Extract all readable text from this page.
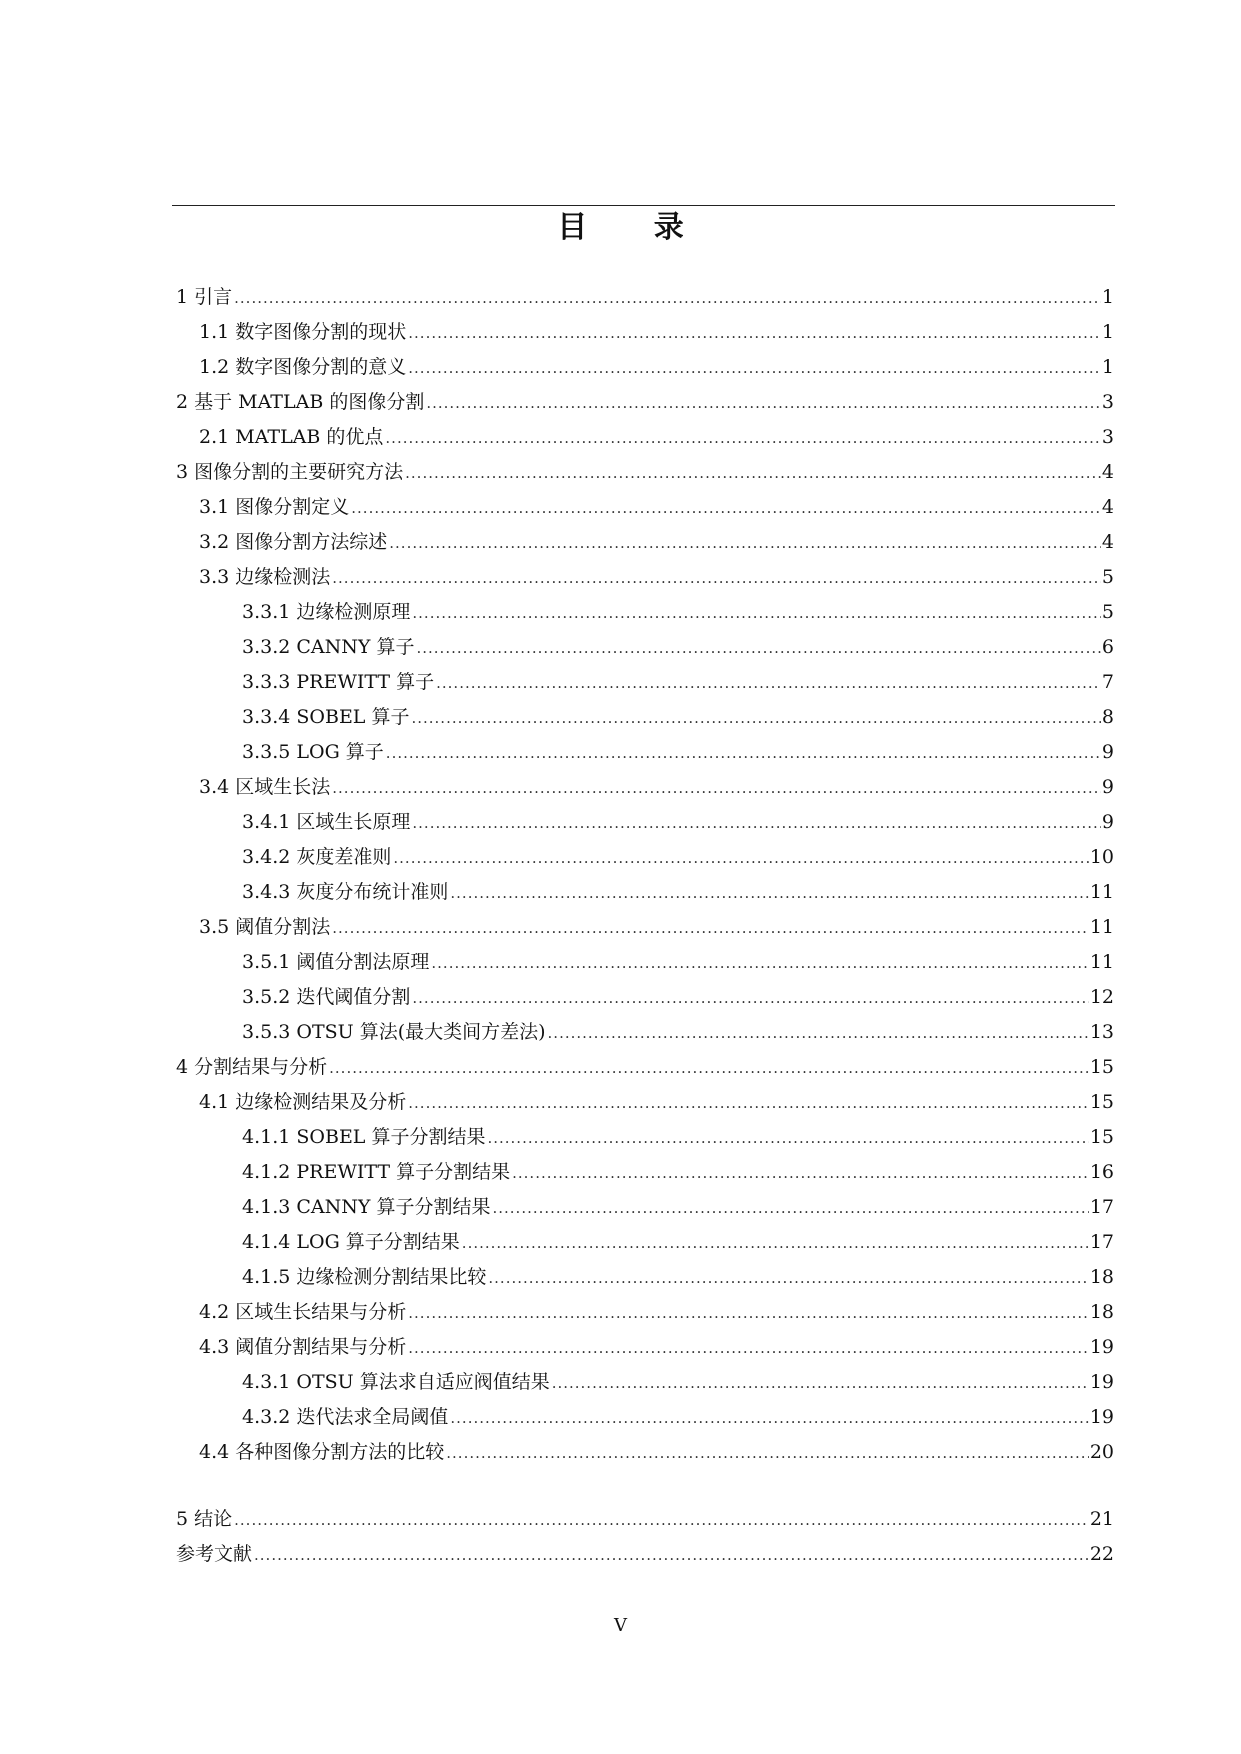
目 录
1 引言 .....	1
1.1 数字图像分割的现状 .....	1
1.2 数字图像分割的意义 .....	1
2 基于 MATLAB 的图像分割 .....	3
2.1 MATLAB 的优点 .....	3
3 图像分割的主要研究方法 .....	4
3.1 图像分割定义 .....	4
3.2 图像分割方法综述 .....	4
3.3 边缘检测法 .....	5
3.3.1 边缘检测原理 .....	5
3.3.2 CANNY 算子 .....	6
3.3.3 PREWITT 算子 .....	7
3.3.4 SOBEL 算子 .....	8
3.3.5 LOG 算子 .....	9
3.4 区域生长法 .....	9
3.4.1 区域生长原理 .....	9
3.4.2 灰度差准则 .....	10
3.4.3 灰度分布统计准则 .....	11
3.5 阈值分割法 .....	11
3.5.1 阈值分割法原理 .....	11
3.5.2 迭代阈值分割 .....	12
3.5.3 OTSU 算法(最大类间方差法) .....	13
4 分割结果与分析 .....	15
4.1 边缘检测结果及分析 .....	15
4.1.1 SOBEL 算子分割结果 .....	15
4.1.2 PREWITT 算子分割结果 .....	16
4.1.3 CANNY 算子分割结果 .....	17
4.1.4 LOG 算子分割结果 .....	17
4.1.5 边缘检测分割结果比较 .....	18
4.2 区域生长结果与分析 .....	18
4.3 阈值分割结果与分析 .....	19
4.3.1 OTSU 算法求自适应阀值结果 .....	19
4.3.2 迭代法求全局阈值 .....	19
4.4 各种图像分割方法的比较 .....	20
5 结论 .....	21
参考文献 .....	22
V
